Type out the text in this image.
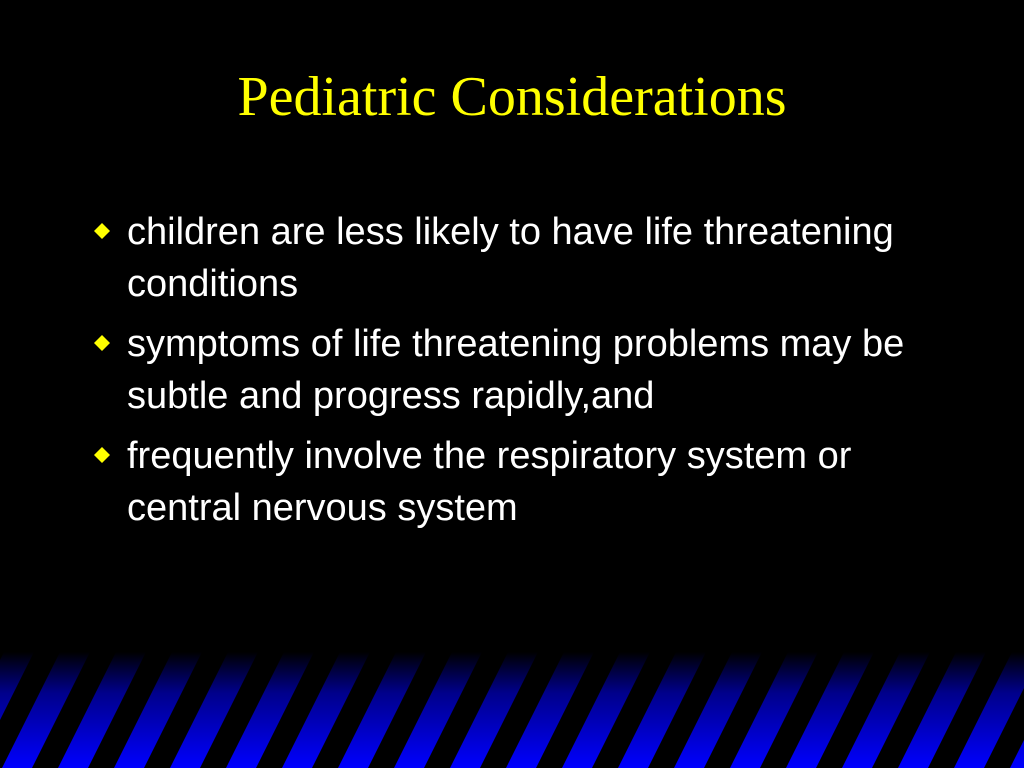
Pediatric Considerations
children are less likely to have life threatening conditions
symptoms of life threatening problems may be subtle and progress rapidly,and
frequently involve the respiratory system or central nervous system
